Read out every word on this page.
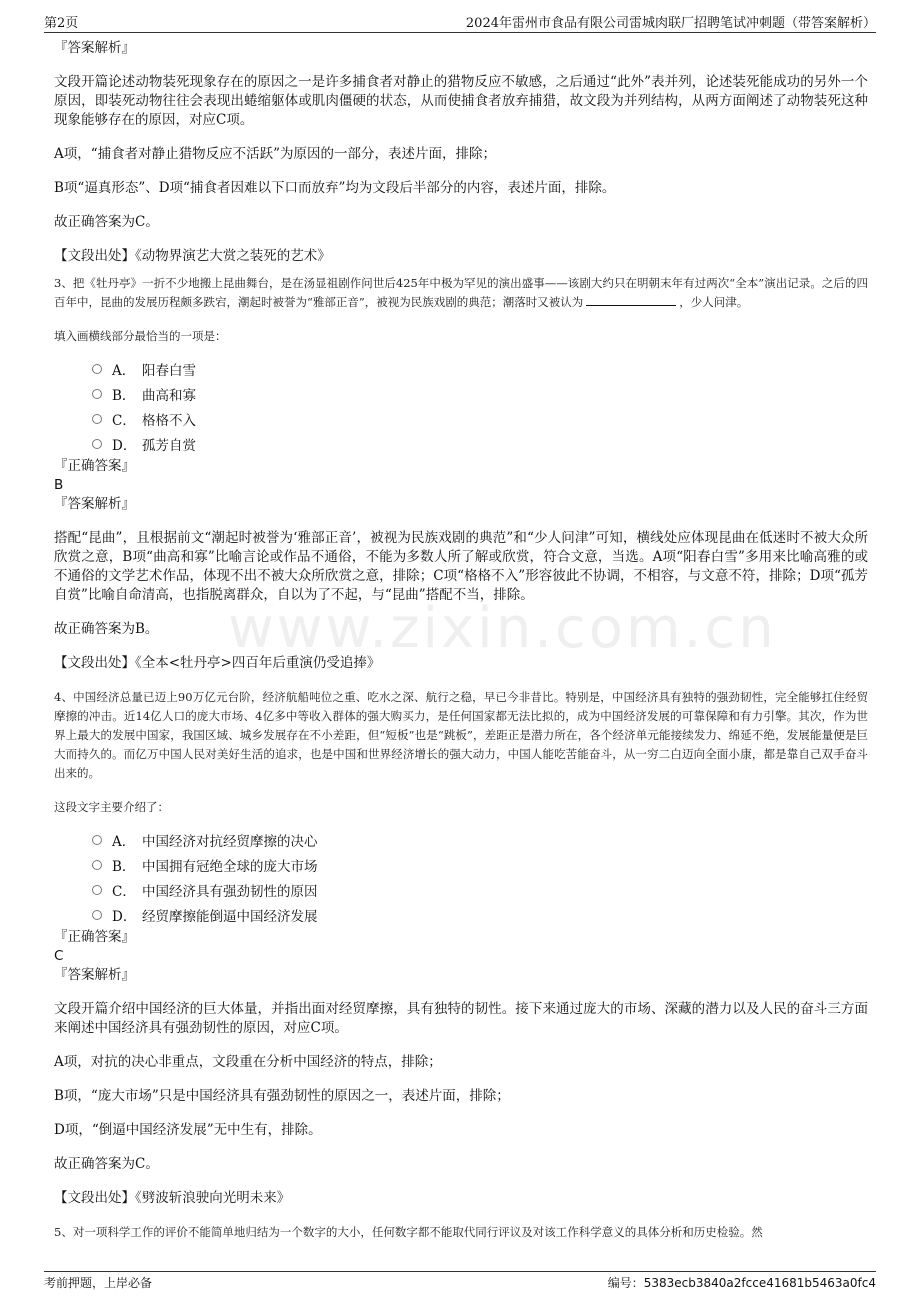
第2页	2024年雷州市食品有限公司雷城肉联厂招聘笔试冲刺题（带答案解析）
www.zixin.com.cn
『答案解析』

文段开篇论述动物装死现象存在的原因之一是许多捕食者对静止的猎物反应不敏感，之后通过“此外”表并列，论述装死能成功的另外一个原因，即装死动物往往会表现出蜷缩躯体或肌肉僵硬的状态，从而使捕食者放弃捕猎，故文段为并列结构，从两方面阐述了动物装死这种现象能够存在的原因，对应C项。

A项，“捕食者对静止猎物反应不活跃”为原因的一部分，表述片面，排除；

B项“逼真形态”、D项“捕食者因难以下口而放弃”均为文段后半部分的内容，表述片面，排除。

故正确答案为C。

【文段出处】《动物界演艺大赏之装死的艺术》

3、把《牡丹亭》一折不少地搬上昆曲舞台，是在汤显祖剧作问世后425年中极为罕见的演出盛事——该剧大约只在明朝末年有过两次“全本”演出记录。之后的四百年中，昆曲的发展历程颇多跌宕，潮起时被誉为“雅部正音”，被视为民族戏剧的典范；潮落时又被认为	，少人问津。

填入画横线部分最恰当的一项是：

A． 阳春白雪
B． 曲高和寡
C． 格格不入
D． 孤芳自赏
『正确答案』
B
『答案解析』

搭配“昆曲”，且根据前文“潮起时被誉为‘雅部正音’，被视为民族戏剧的典范”和“少人问津”可知，横线处应体现昆曲在低迷时不被大众所欣赏之意，B项“曲高和寡”比喻言论或作品不通俗，不能为多数人所了解或欣赏，符合文意，当选。A项“阳春白雪”多用来比喻高雅的或不通俗的文学艺术作品，体现不出不被大众所欣赏之意，排除；C项“格格不入”形容彼此不协调，不相容，与文意不符，排除；D项“孤芳自赏”比喻自命清高，也指脱离群众，自以为了不起，与“昆曲”搭配不当，排除。

故正确答案为B。

【文段出处】《全本<牡丹亭>四百年后重演仍受追捧》

4、中国经济总量已迈上90万亿元台阶，经济航船吨位之重、吃水之深、航行之稳，早已今非昔比。特别是，中国经济具有独特的强劲韧性，完全能够扛住经贸摩擦的冲击。近14亿人口的庞大市场、4亿多中等收入群体的强大购买力，是任何国家都无法比拟的，成为中国经济发展的可靠保障和有力引擎。其次，作为世界上最大的发展中国家，我国区域、城乡发展存在不小差距，但“短板”也是“跳板”，差距正是潜力所在，各个经济单元能接续发力、绵延不绝，发展能量便是巨大而持久的。而亿万中国人民对美好生活的追求，也是中国和世界经济增长的强大动力，中国人能吃苦能奋斗，从一穷二白迈向全面小康，都是靠自己双手奋斗出来的。

这段文字主要介绍了：

A． 中国经济对抗经贸摩擦的决心
B． 中国拥有冠绝全球的庞大市场
C． 中国经济具有强劲韧性的原因
D． 经贸摩擦能倒逼中国经济发展
『正确答案』
C
『答案解析』

文段开篇介绍中国经济的巨大体量，并指出面对经贸摩擦，具有独特的韧性。接下来通过庞大的市场、深藏的潜力以及人民的奋斗三方面来阐述中国经济具有强劲韧性的原因，对应C项。

A项，对抗的决心非重点，文段重在分析中国经济的特点，排除；

B项，“庞大市场”只是中国经济具有强劲韧性的原因之一，表述片面，排除；

D项，“倒逼中国经济发展”无中生有，排除。

故正确答案为C。

【文段出处】《劈波斩浪驶向光明未来》

5、对一项科学工作的评价不能简单地归结为一个数字的大小，任何数字都不能取代同行评议及对该工作科学意义的具体分析和历史检验。然

考前押题，上岸必备	编号：5383ecb3840a2fcce41681b5463a0fc4
